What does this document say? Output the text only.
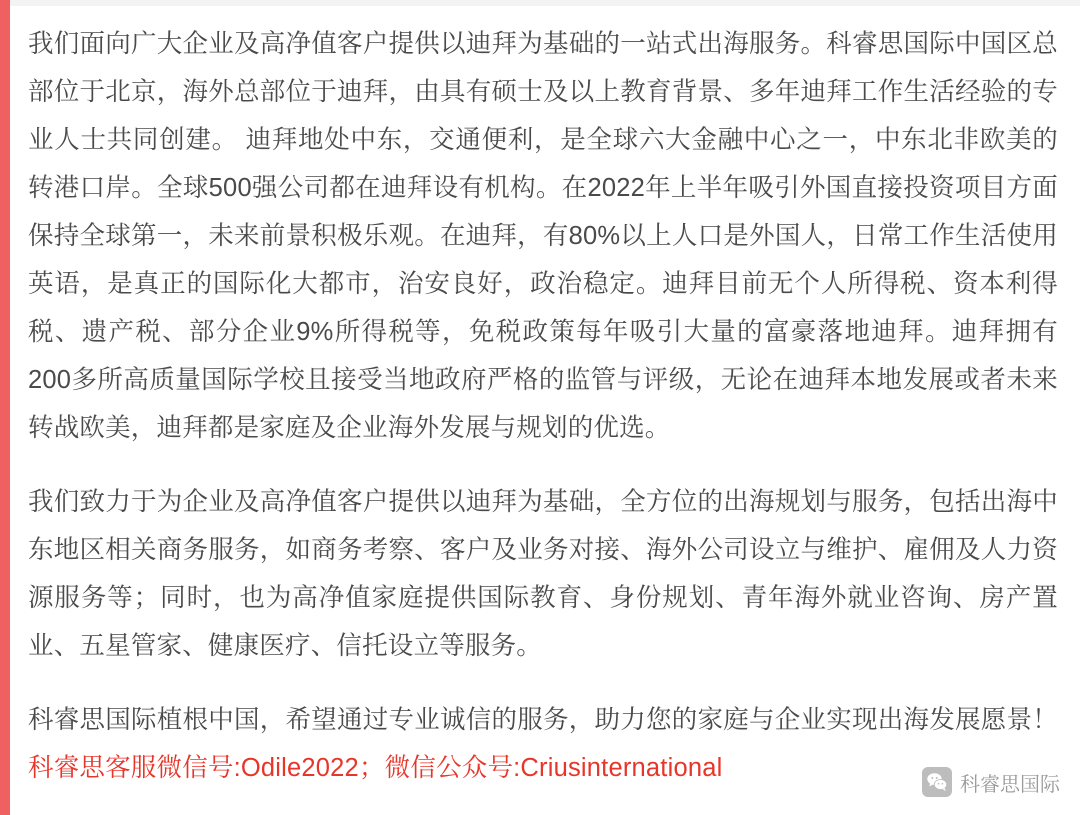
我们面向广大企业及高净值客户提供以迪拜为基础的一站式出海服务。科睿思国际中国区总部位于北京，海外总部位于迪拜，由具有硕士及以上教育背景、多年迪拜工作生活经验的专业人士共同创建。 迪拜地处中东，交通便利，是全球六大金融中心之一，中东北非欧美的转港口岸。全球500强公司都在迪拜设有机构。在2022年上半年吸引外国直接投资项目方面保持全球第一，未来前景积极乐观。在迪拜，有80%以上人口是外国人，日常工作生活使用英语，是真正的国际化大都市，治安良好，政治稳定。迪拜目前无个人所得税、资本利得税、遗产税、部分企业9%所得税等，免税政策每年吸引大量的富豪落地迪拜。迪拜拥有200多所高质量国际学校且接受当地政府严格的监管与评级，无论在迪拜本地发展或者未来转战欧美，迪拜都是家庭及企业海外发展与规划的优选。

我们致力于为企业及高净值客户提供以迪拜为基础，全方位的出海规划与服务，包括出海中东地区相关商务服务，如商务考察、客户及业务对接、海外公司设立与维护、雇佣及人力资源服务等；同时，也为高净值家庭提供国际教育、身份规划、青年海外就业咨询、房产置业、五星管家、健康医疗、信托设立等服务。

科睿思国际植根中国，希望通过专业诚信的服务，助力您的家庭与企业实现出海发展愿景！科睿思客服微信号:Odile2022；微信公众号:Criusinternational

科睿思国际
